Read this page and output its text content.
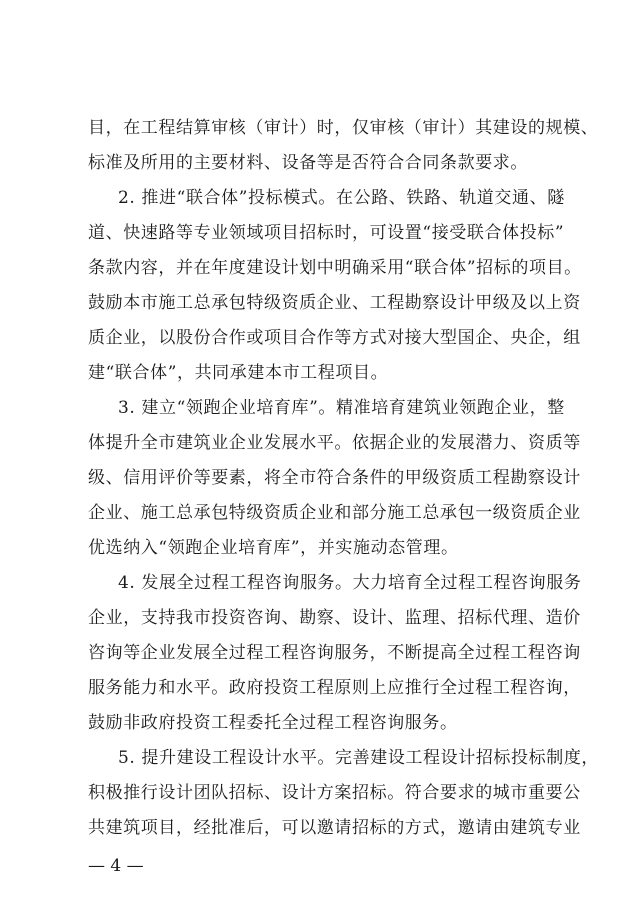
目，在工程结算审核（审计）时，仅审核（审计）其建设的规模、
标准及所用的主要材料、设备等是否符合合同条款要求。
2. 推进“联合体”投标模式。在公路、铁路、轨道交通、隧
道、快速路等专业领域项目招标时，可设置“接受联合体投标”
条款内容，并在年度建设计划中明确采用“联合体”招标的项目。
鼓励本市施工总承包特级资质企业、工程勘察设计甲级及以上资
质企业，以股份合作或项目合作等方式对接大型国企、央企，组
建“联合体”，共同承建本市工程项目。
3. 建立“领跑企业培育库”。精准培育建筑业领跑企业，整
体提升全市建筑业企业发展水平。依据企业的发展潜力、资质等
级、信用评价等要素，将全市符合条件的甲级资质工程勘察设计
企业、施工总承包特级资质企业和部分施工总承包一级资质企业
优选纳入“领跑企业培育库”，并实施动态管理。
4. 发展全过程工程咨询服务。大力培育全过程工程咨询服务
企业，支持我市投资咨询、勘察、设计、监理、招标代理、造价
咨询等企业发展全过程工程咨询服务，不断提高全过程工程咨询
服务能力和水平。政府投资工程原则上应推行全过程工程咨询，
鼓励非政府投资工程委托全过程工程咨询服务。
5. 提升建设工程设计水平。完善建设工程设计招标投标制度，
积极推行设计团队招标、设计方案招标。符合要求的城市重要公
共建筑项目，经批准后，可以邀请招标的方式，邀请由建筑专业
— 4 —
